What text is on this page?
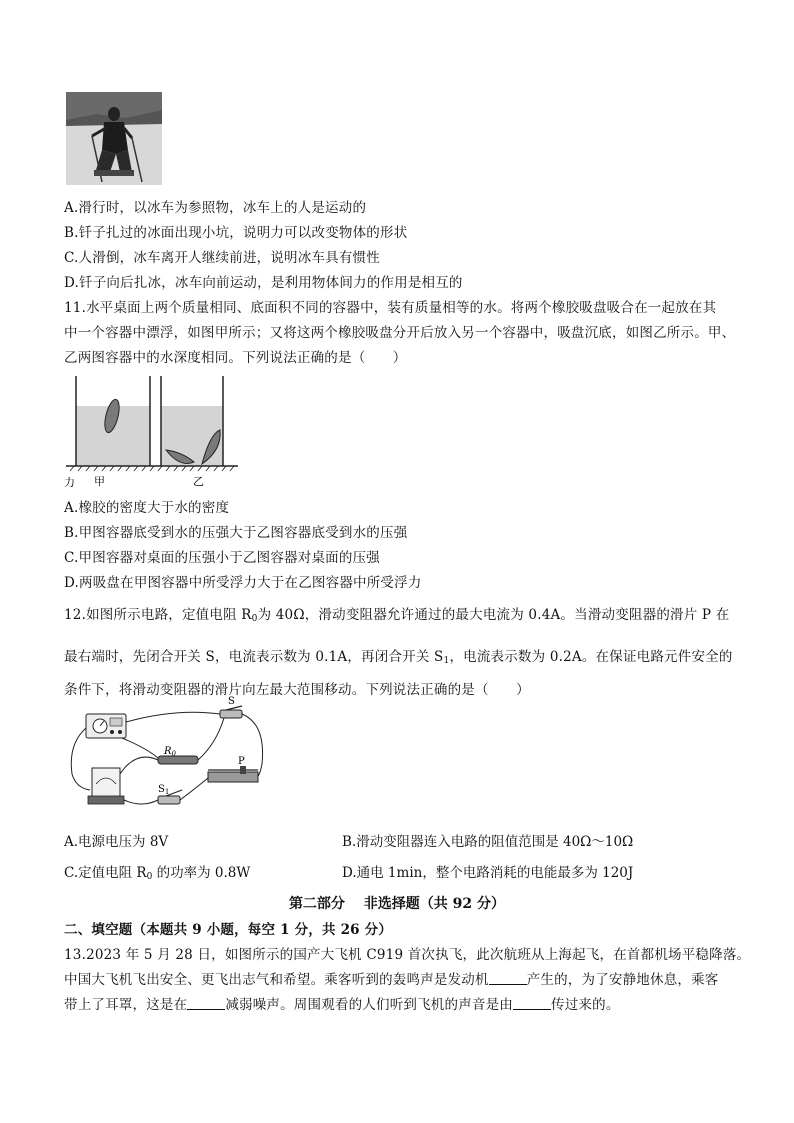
A.滑行时，以冰车为参照物，冰车上的人是运动的
B.钎子扎过的冰面出现小坑，说明力可以改变物体的形状
C.人滑倒，冰车离开人继续前进，说明冰车具有惯性
D.钎子向后扎冰，冰车向前运动，是利用物体间力的作用是相互的
11.水平桌面上两个质量相同、底面积不同的容器中，装有质量相等的水。将两个橡胶吸盘吸合在一起放在其
中一个容器中漂浮，如图甲所示；又将这两个橡胶吸盘分开后放入另一个容器中，吸盘沉底，如图乙所示。甲、
乙两图容器中的水深度相同。下列说法正确的是（　　）
力 甲	乙
A.橡胶的密度大于水的密度
B.甲图容器底受到水的压强大于乙图容器底受到水的压强
C.甲图容器对桌面的压强小于乙图容器对桌面的压强
D.两吸盘在甲图容器中所受浮力大于在乙图容器中所受浮力
12.如图所示电路，定值电阻 $R_0$为 40Ω，滑动变阻器允许通过的最大电流为 0.4A。当滑动变阻器的滑片 P 在
最右端时，先闭合开关 S，电流表示数为 0.1A，再闭合开关 $S_1$，电流表示数为 0.2A。在保证电路元件安全的
条件下，将滑动变阻器的滑片向左最大范围移动。下列说法正确的是（　　）
S
$R_0$
P
$S_1$
A.电源电压为 8V	B.滑动变阻器连入电路的阻值范围是 40Ω～10Ω
C.定值电阻 $R_0$ 的功率为 0.8W	D.通电 1min，整个电路消耗的电能最多为 120J
第二部分　 非选择题（共 92 分）
二、填空题（本题共 9 小题，每空 1 分，共 26 分）
13.2023 年 5 月 28 日，如图所示的国产大飞机 C919 首次执飞，此次航班从上海起飞，在首都机场平稳降落。
中国大飞机飞出安全、更飞出志气和希望。乘客听到的轰鸣声是发动机	产生的，为了安静地休息，乘客
带上了耳罩，这是在	减弱噪声。周围观看的人们听到飞机的声音是由	传过来的。
